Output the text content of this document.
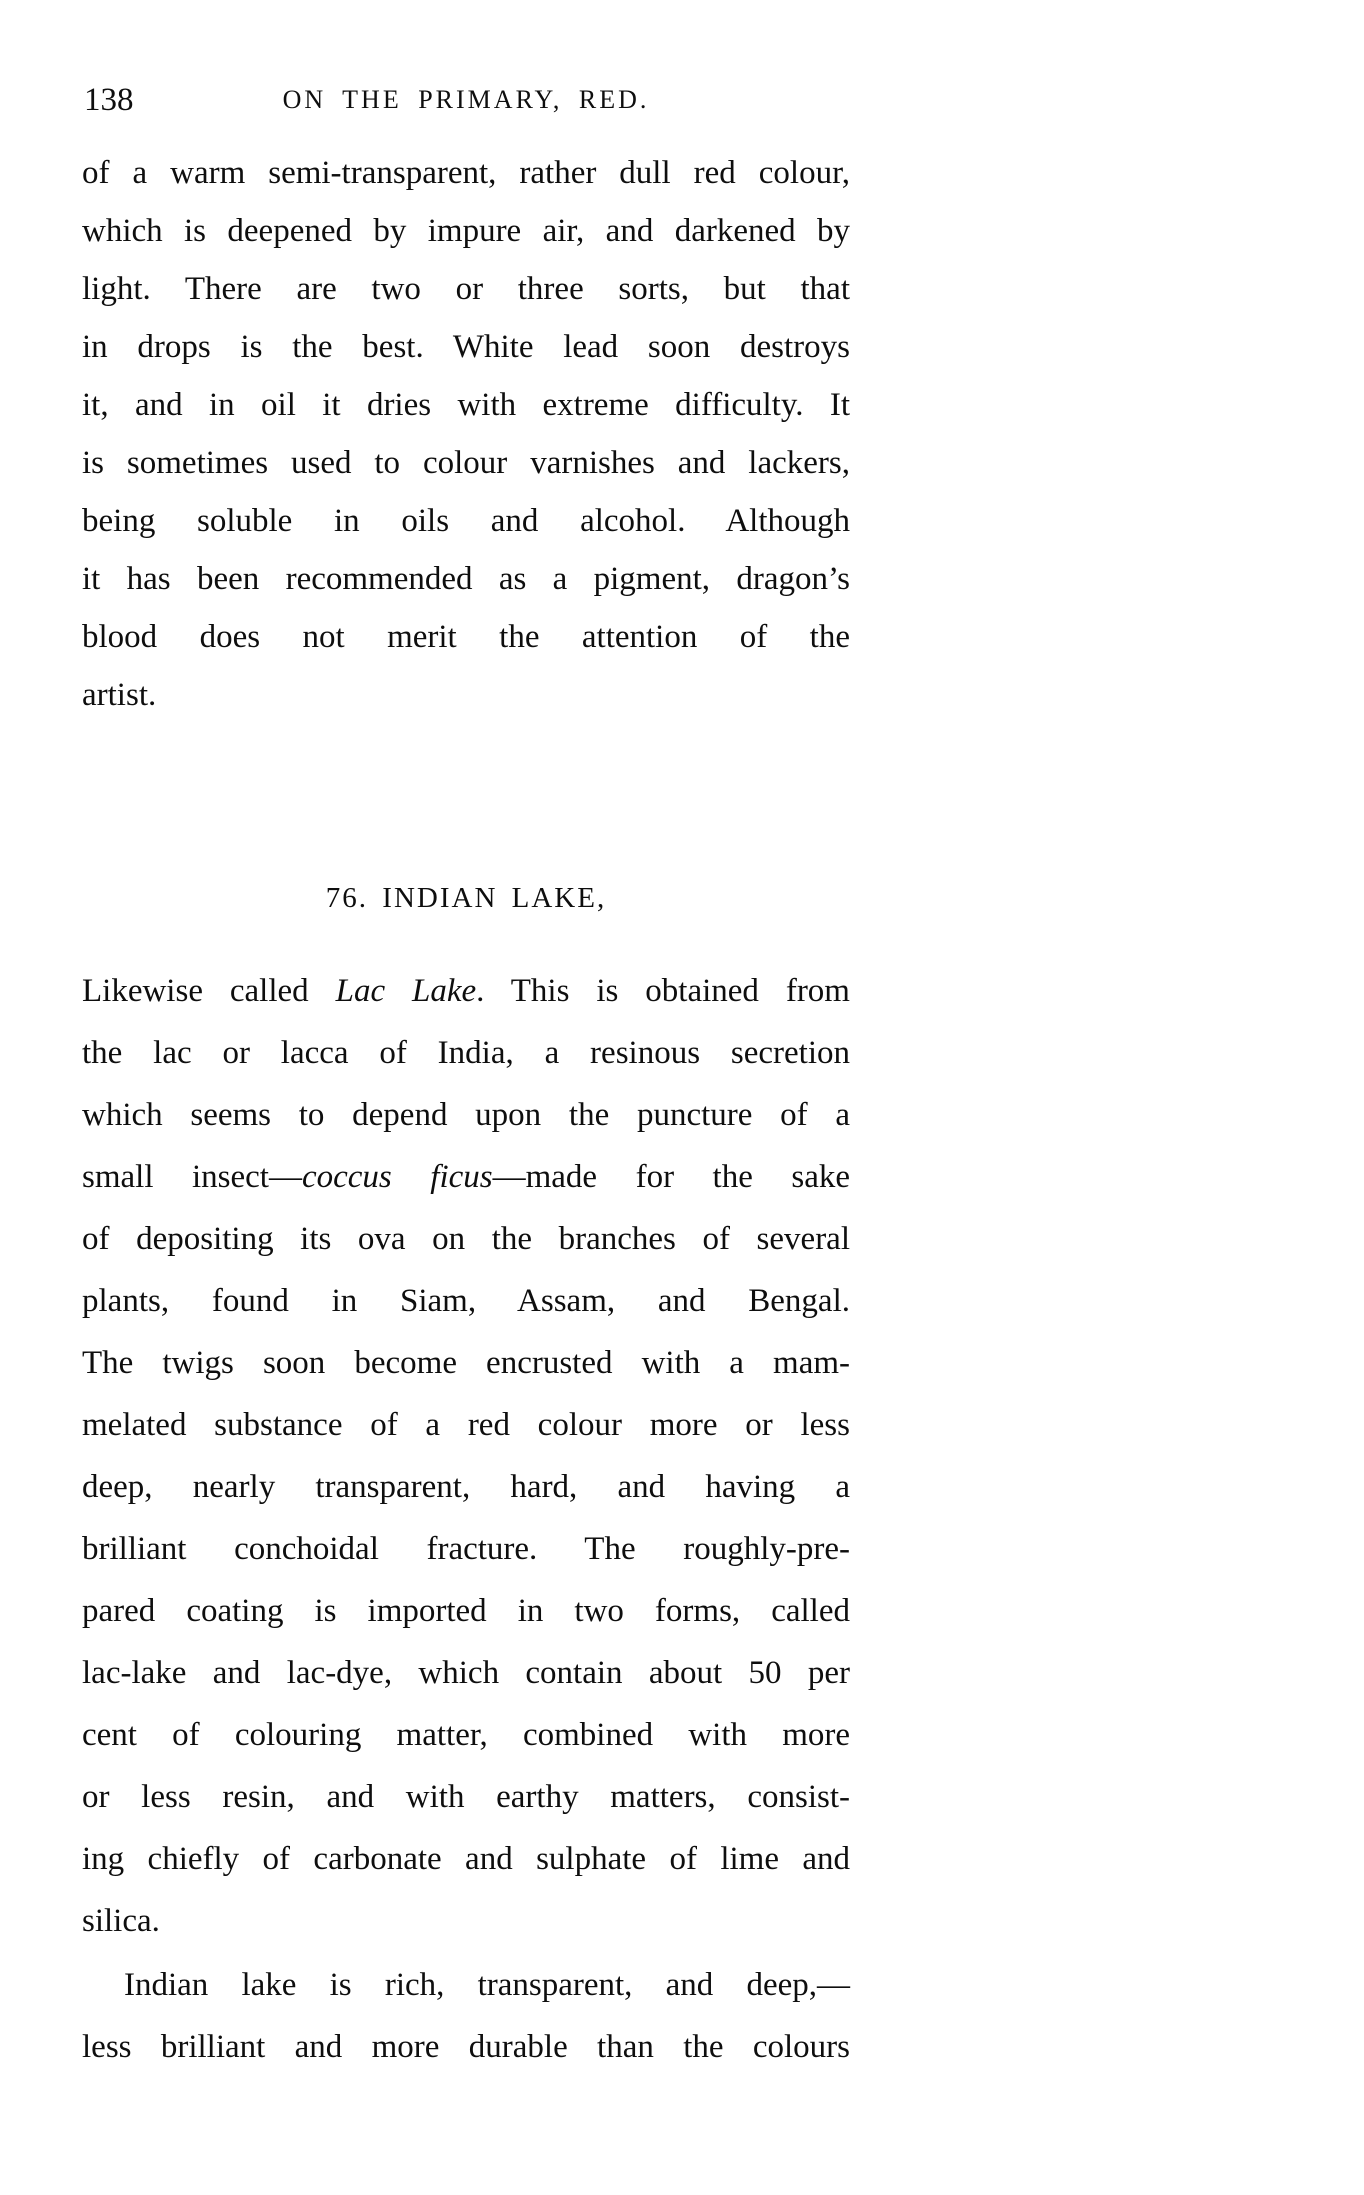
138	ON THE PRIMARY, RED.
of a warm semi-transparent, rather dull red colour,
which is deepened by impure air, and darkened by
light. There are two or three sorts, but that
in drops is the best. White lead soon destroys
it, and in oil it dries with extreme difficulty. It
is sometimes used to colour varnishes and lackers,
being soluble in oils and alcohol. Although
it has been recommended as a pigment, dragon’s
blood does not merit the attention of the
artist.
76. INDIAN LAKE,
Likewise called Lac Lake. This is obtained from
the lac or lacca of India, a resinous secretion
which seems to depend upon the puncture of a
small insect—coccus ficus—made for the sake
of depositing its ova on the branches of several
plants, found in Siam, Assam, and Bengal.
The twigs soon become encrusted with a mam-
melated substance of a red colour more or less
deep, nearly transparent, hard, and having a
brilliant conchoidal fracture. The roughly-pre-
pared coating is imported in two forms, called
lac-lake and lac-dye, which contain about 50 per
cent of colouring matter, combined with more
or less resin, and with earthy matters, consist-
ing chiefly of carbonate and sulphate of lime and
silica.
Indian lake is rich, transparent, and deep,—
less brilliant and more durable than the colours
